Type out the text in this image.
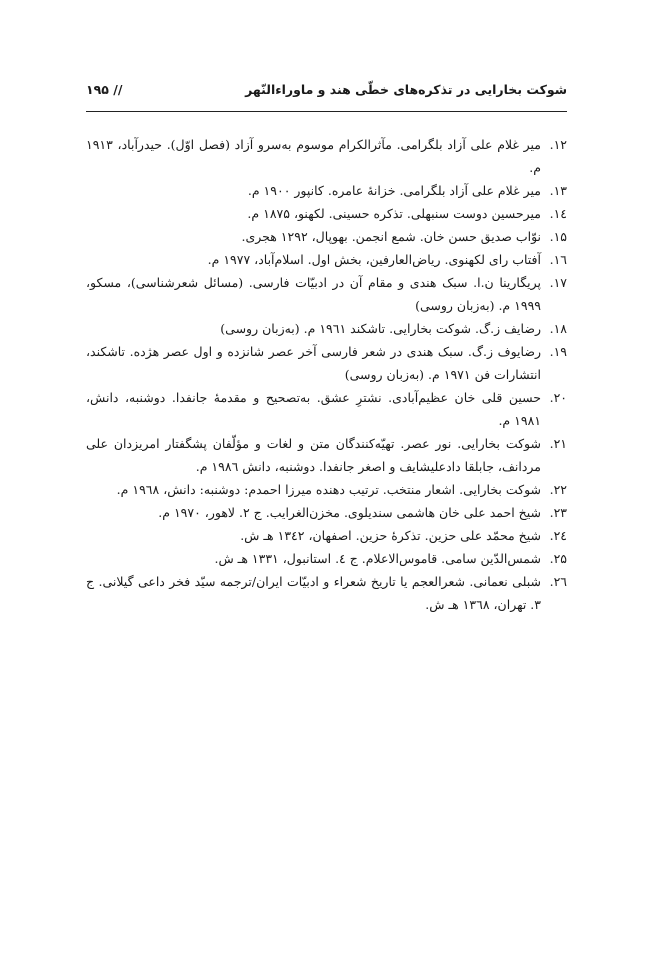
شوکت بخارایی در تذکره‌های خطّی هند و ماوراءالنّهر
// ۱۹۵
۱۲.
میر غلام علی آزاد بلگرامی. مآثرالکرام موسوم به‌سرو آزاد (فصل اوّل). حیدرآباد، ۱۹۱۳ م.
۱۳.
میر غلام علی آزاد بلگرامی. خزانۀ عامره. کانپور ۱۹۰۰ م.
۱٤.
میرحسین دوست سنبهلی. تذکره حسینی. لکهنو، ۱۸۷۵ م.
۱۵.
نوّاب صدیق حسن خان. شمع انجمن. بهوپال، ۱۲۹۲ هجری.
۱٦.
آفتاب رای لکهنوی. ریاض‌العارفین، بخش اول. اسلام‌آباد، ۱۹۷۷ م.
۱۷.
پریگارینا ن.ا. سبک هندی و مقام آن در ادبیّات فارسی. (مسائل شعرشناسی)، مسکو، ۱۹۹۹ م. (به‌زبان روسی)
۱۸.
رضایف ز.گ. شوکت بخارایی. تاشکند ۱۹٦۱ م. (به‌زبان روسی)
۱۹.
رضایوف ز.گ. سبک هندی در شعر فارسی آخر عصر شانزده و اول عصر هژده. تاشکند، انتشارات فن ۱۹۷۱ م. (به‌زبان روسی)
۲۰.
حسین قلی خان عظیم‌آبادی. نشترِ عشق. به‌تصحیح و مقدمۀ جانفدا. دوشنبه، دانش، ۱۹۸۱ م.
۲۱.
شوکت بخارایی. نور عصر. تهیّه‌کنندگان متن و لغات و مؤلّفان پشگفتار امریزدان علی مردانف، جابلقا دادعلیشایف و اصغر جانفدا. دوشنبه، دانش ۱۹۸٦ م.
۲۲.
شوکت بخارایی. اشعار منتخب. ترتیب دهنده میرزا احمدم: دوشنبه: دانش، ۱۹٦۸ م.
۲۳.
شیخ احمد علی خان هاشمی سندیلوی. مخزن‌الغرایب. ج ۲. لاهور، ۱۹۷۰ م.
۲٤.
شیخ محمّد علی حزین. تذکرۀ حزین. اصفهان، ۱۳٤۲ هـ ش.
۲۵.
شمس‌الدّین سامی. قاموس‌الاعلام. ج ٤. استانبول، ۱۳۳۱ هـ ش.
۲٦.
شبلی نعمانی. شعرالعجم یا تاریخ شعراء و ادبیّات ایران/ترجمه سیّد فخر داعی گیلانی. ج ۳. تهران، ۱۳٦۸ هـ ش.
